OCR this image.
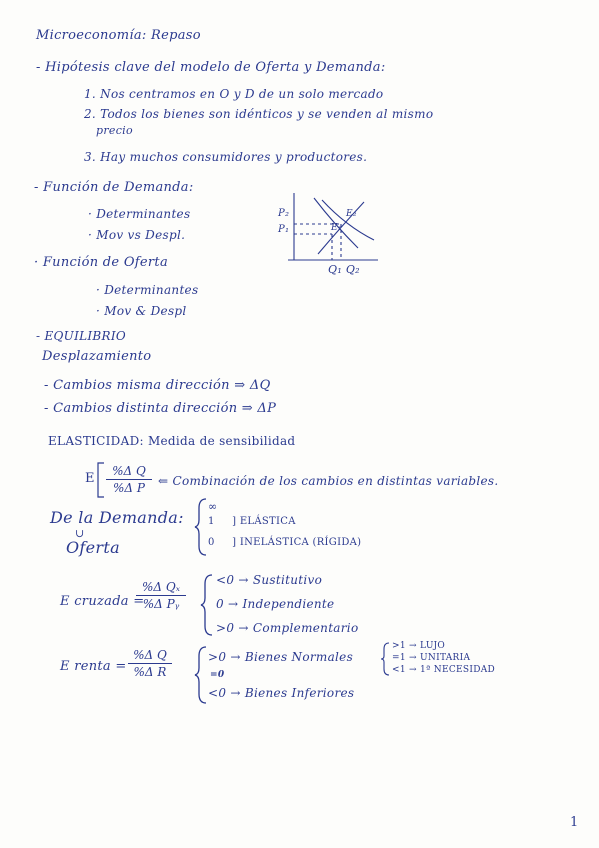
Microeconomía: Repaso
- Hipótesis clave del modelo de Oferta y Demanda:
1. Nos centramos en O y D de un solo mercado
2. Todos los bienes son idénticos y se venden al mismo
precio
3. Hay muchos consumidores y productores.
- Función de Demanda:
· Determinantes
· Mov vs Despl.
· Función de Oferta
· Determinantes
· Mov & Despl
- EQUILIBRIO
Desplazamiento
- Cambios misma dirección ⇒ ΔQ
- Cambios distinta dirección ⇒ ΔP
P₂
P₁
E₂
E₁
Q₁ Q₂
ELASTICIDAD: Medida de sensibilidad
E	%Δ Q
%Δ P	⇐ Combinación de los cambios en distintas variables.
De la Demanda:
∪
Oferta
∞
1 ] ELÁSTICA
0 ] INELÁSTICA (RÍGIDA)
E cruzada =
%Δ Qₓ
%Δ Pᵧ
<0 → Sustitutivo
0 → Independiente
>0 → Complementario
E renta =
%Δ Q
%Δ R
>0 → Bienes Normales
=0
<0 → Bienes Inferiores
>1 → LUJO
=1 → UNITARIA
<1 → 1ª NECESIDAD
1
